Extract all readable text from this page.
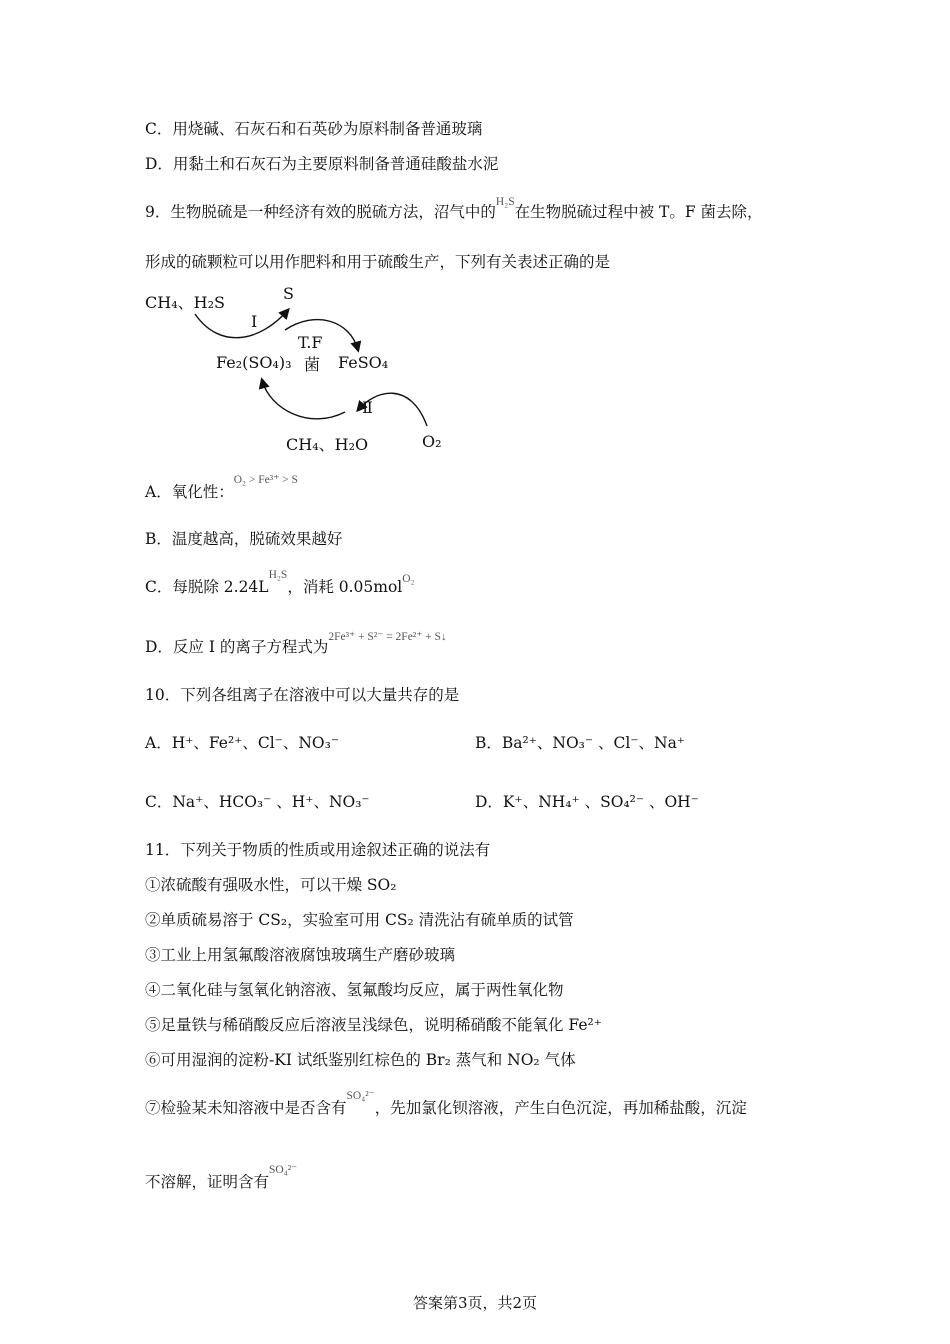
C．用烧碱、石灰石和石英砂为原料制备普通玻璃
D．用黏土和石灰石为主要原料制备普通硅酸盐水泥
9．生物脱硫是一种经济有效的脱硫方法，沼气中的$^{H_2S}$在生物脱硫过程中被 T。F 菌去除，
形成的硫颗粒可以用作肥料和用于硫酸生产，下列有关表述正确的是
CH₄、H₂S	S
I
T.F
菌
Fe₂(SO₄)₃	FeSO₄
Ⅱ
CH₄、H₂O	O₂
A．氧化性：$^{O_2 > Fe^{3+} > S}$
B．温度越高，脱硫效果越好
C．每脱除 $2.24L^{H_2S}$，消耗 0.05mol$^{O_2}$
D．反应 I 的离子方程式为$^{2Fe^{3+} + S^{2-} = 2Fe^{2+} + S↓}$
10．下列各组离子在溶液中可以大量共存的是
A．H⁺、Fe²⁺、Cl⁻、NO₃⁻	B．Ba²⁺、NO₃⁻ 、Cl⁻、Na⁺
C．Na⁺、HCO₃⁻ 、H⁺、NO₃⁻	D．K⁺、NH₄⁺ 、SO₄²⁻ 、OH⁻
11．下列关于物质的性质或用途叙述正确的说法有
①浓硫酸有强吸水性，可以干燥 SO₂
②单质硫易溶于 CS₂，实验室可用 CS₂ 清洗沾有硫单质的试管
③工业上用氢氟酸溶液腐蚀玻璃生产磨砂玻璃
④二氧化硅与氢氧化钠溶液、氢氟酸均反应，属于两性氧化物
⑤足量铁与稀硝酸反应后溶液呈浅绿色，说明稀硝酸不能氧化 Fe²⁺
⑥可用湿润的淀粉-KI 试纸鉴别红棕色的 Br₂ 蒸气和 NO₂ 气体
⑦检验某未知溶液中是否含有$^{SO_4^{2-}}$，先加氯化钡溶液，产生白色沉淀，再加稀盐酸，沉淀
不溶解，证明含有$^{SO_4^{2-}}$
答案第3页，共2页
